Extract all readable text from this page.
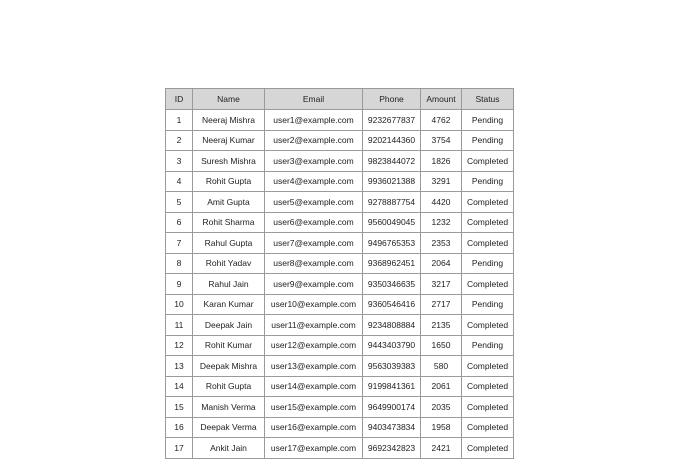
ID	Name	Email	Phone	Amount	Status
1	Neeraj Mishra	user1@example.com	9232677837	4762	Pending
2	Neeraj Kumar	user2@example.com	9202144360	3754	Pending
3	Suresh Mishra	user3@example.com	9823844072	1826	Completed
4	Rohit Gupta	user4@example.com	9936021388	3291	Pending
5	Amit Gupta	user5@example.com	9278887754	4420	Completed
6	Rohit Sharma	user6@example.com	9560049045	1232	Completed
7	Rahul Gupta	user7@example.com	9496765353	2353	Completed
8	Rohit Yadav	user8@example.com	9368962451	2064	Pending
9	Rahul Jain	user9@example.com	9350346635	3217	Completed
10	Karan Kumar	user10@example.com	9360546416	2717	Pending
11	Deepak Jain	user11@example.com	9234808884	2135	Completed
12	Rohit Kumar	user12@example.com	9443403790	1650	Pending
13	Deepak Mishra	user13@example.com	9563039383	580	Completed
14	Rohit Gupta	user14@example.com	9199841361	2061	Completed
15	Manish Verma	user15@example.com	9649900174	2035	Completed
16	Deepak Verma	user16@example.com	9403473834	1958	Completed
17	Ankit Jain	user17@example.com	9692342823	2421	Completed
